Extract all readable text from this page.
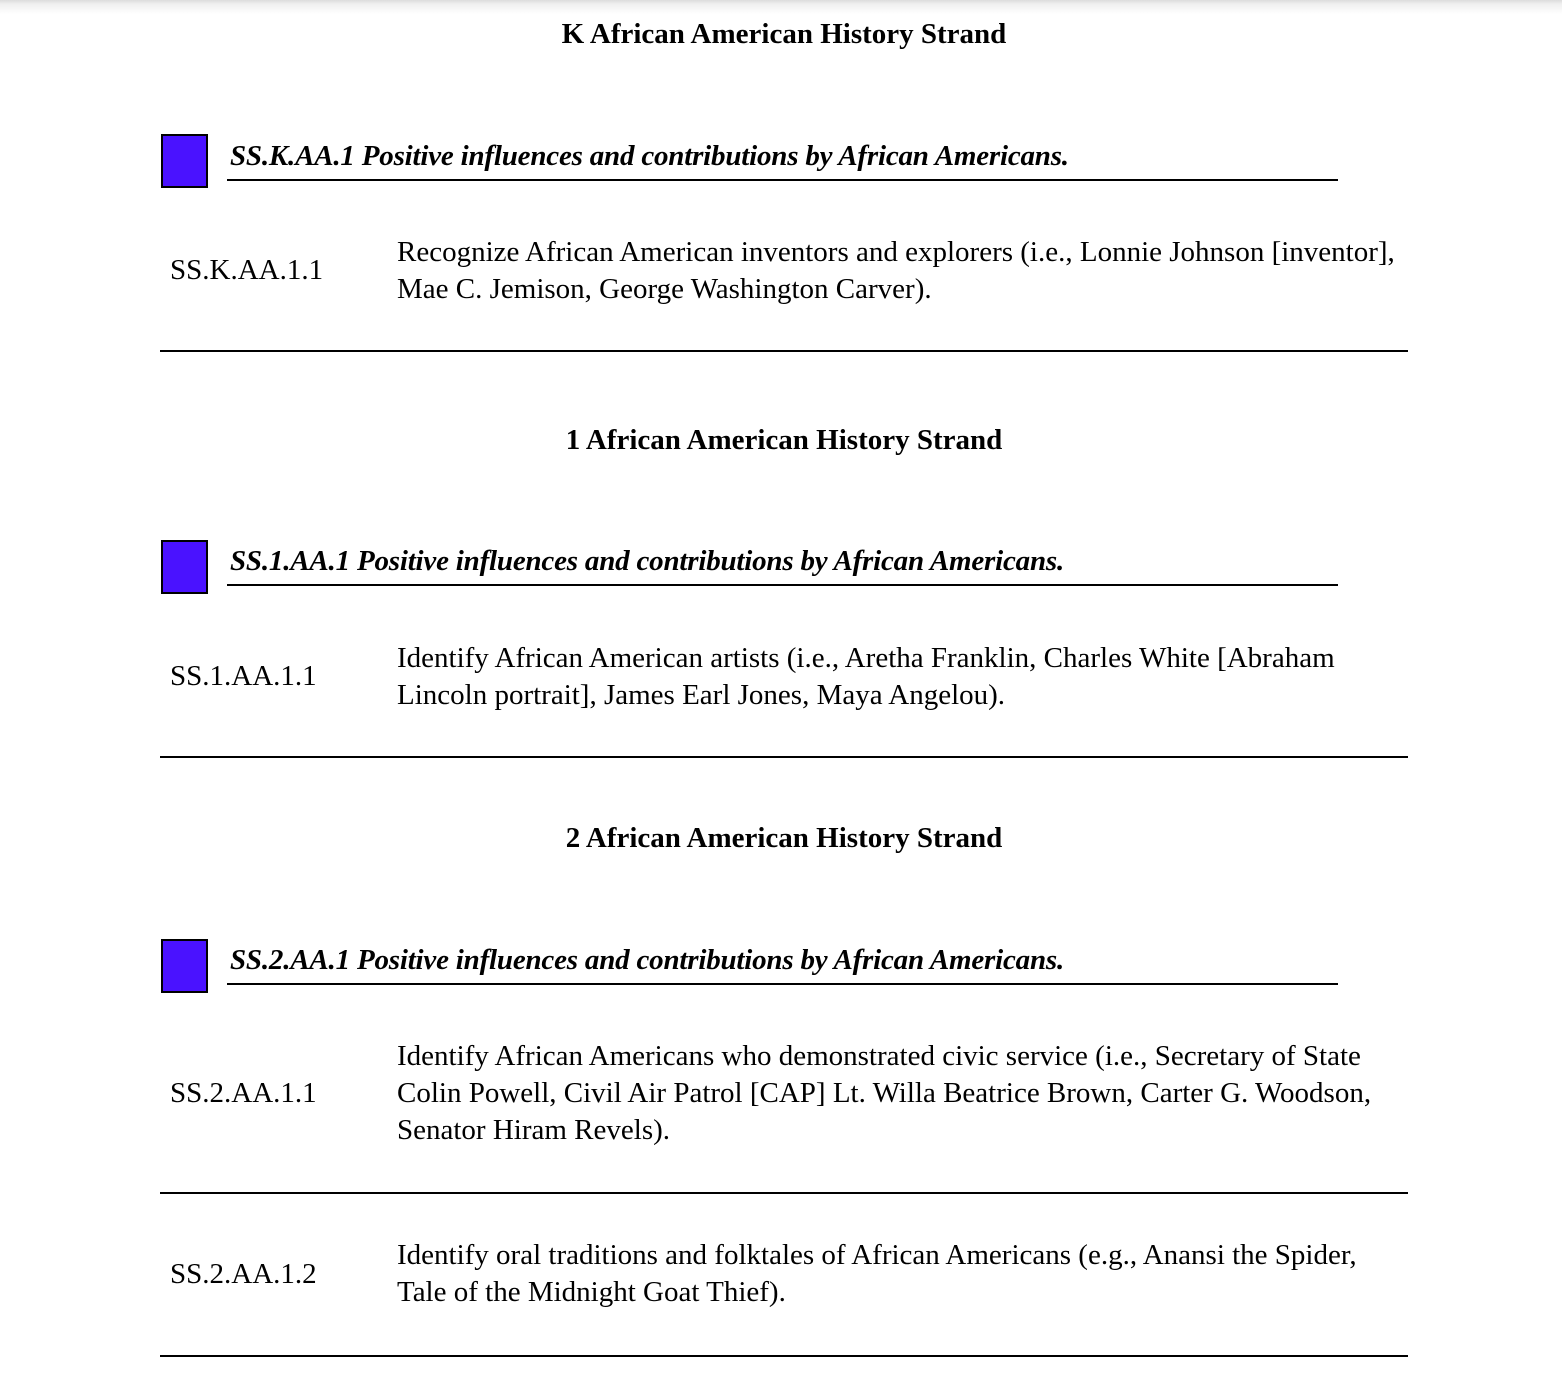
K African American History Strand
SS.K.AA.1 Positive influences and contributions by African Americans.
SS.K.AA.1.1
Recognize African American inventors and explorers (i.e., Lonnie Johnson [inventor], Mae C. Jemison, George Washington Carver).
1 African American History Strand
SS.1.AA.1 Positive influences and contributions by African Americans.
SS.1.AA.1.1
Identify African American artists (i.e., Aretha Franklin, Charles White [Abraham Lincoln portrait], James Earl Jones, Maya Angelou).
2 African American History Strand
SS.2.AA.1 Positive influences and contributions by African Americans.
SS.2.AA.1.1
Identify African Americans who demonstrated civic service (i.e., Secretary of State Colin Powell, Civil Air Patrol [CAP] Lt. Willa Beatrice Brown, Carter G. Woodson, Senator Hiram Revels).
SS.2.AA.1.2
Identify oral traditions and folktales of African Americans (e.g., Anansi the Spider, Tale of the Midnight Goat Thief).
